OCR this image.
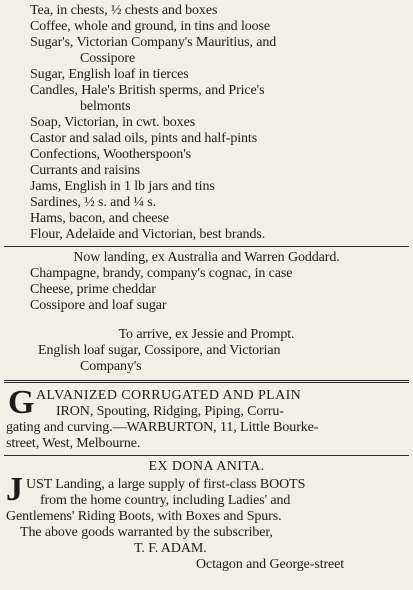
Tea, in chests, ½ chests and boxes
Coffee, whole and ground, in tins and loose
Sugar's, Victorian Company's Mauritius, and
Cossipore
Sugar, English loaf in tierces
Candles, Hale's British sperms, and Price's
belmonts
Soap, Victorian, in cwt. boxes
Castor and salad oils, pints and half-pints
Confections, Wootherspoon's
Currants and raisins
Jams, English in 1 lb jars and tins
Sardines, ½ s. and ¼ s.
Hams, bacon, and cheese
Flour, Adelaide and Victorian, best brands.
Now landing, ex Australia and Warren Goddard.
Champagne, brandy, company's cognac, in case
Cheese, prime cheddar
Cossipore and loaf sugar
To arrive, ex Jessie and Prompt.
English loaf sugar, Cossipore, and Victorian
Company's
G ALVANIZED CORRUGATED AND PLAIN
IRON, Spouting, Ridging, Piping, Corru-
gating and curving.—WARBURTON, 11, Little Bourke-
street, West, Melbourne.
EX DONA ANITA.
J UST Landing, a large supply of first-class BOOTS
from the home country, including Ladies' and
Gentlemens' Riding Boots, with Boxes and Spurs.
The above goods warranted by the subscriber,
T. F. ADAM.
Octagon and George-street
